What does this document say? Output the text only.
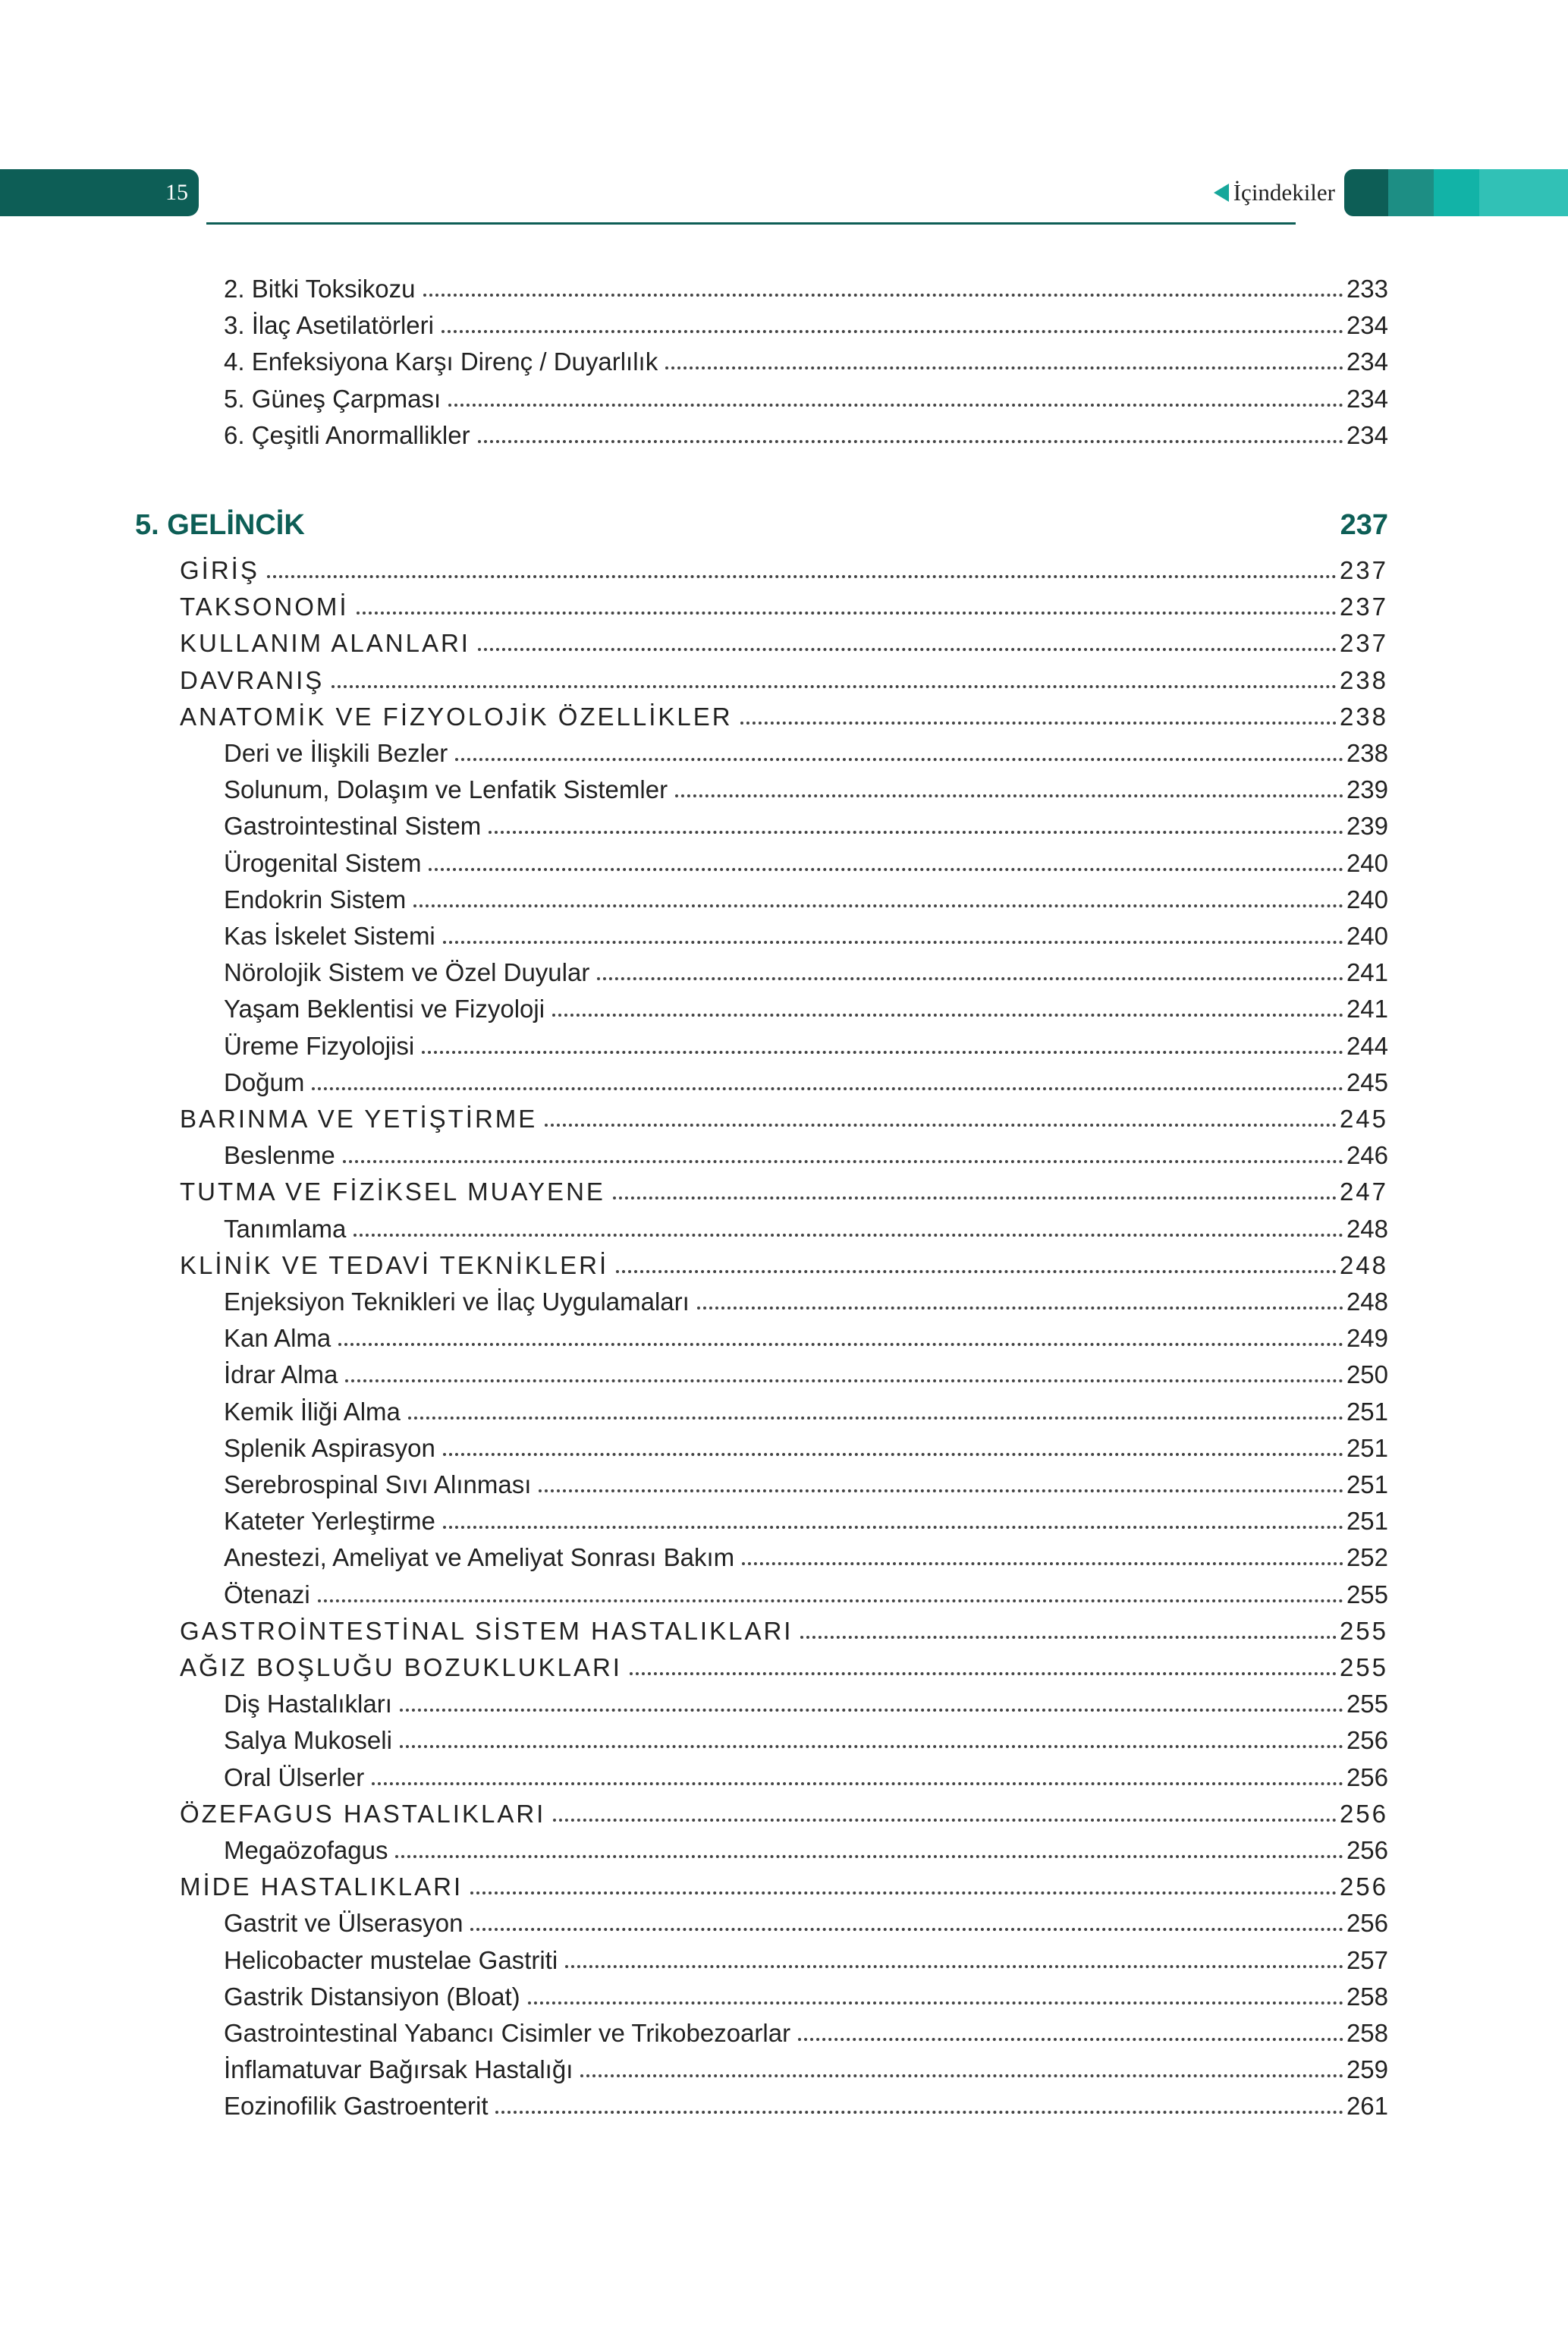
15	İçindekiler
2. Bitki Toksikozu	233
3. İlaç Asetilatörleri	234
4. Enfeksiyona Karşı Direnç / Duyarlılık	234
5. Güneş Çarpması	234
6. Çeşitli Anormallikler	234
5. GELİNCİK	237
GİRİŞ	237
TAKSONOMİ	237
KULLANIM ALANLARI	237
DAVRANIŞ	238
ANATOMİK VE FİZYOLOJİK ÖZELLİKLER	238
Deri ve İlişkili Bezler	238
Solunum, Dolaşım ve Lenfatik Sistemler	239
Gastrointestinal Sistem	239
Ürogenital Sistem	240
Endokrin Sistem	240
Kas İskelet Sistemi	240
Nörolojik Sistem ve Özel Duyular	241
Yaşam Beklentisi ve Fizyoloji	241
Üreme Fizyolojisi	244
Doğum	245
BARINMA VE YETİŞTİRME	245
Beslenme	246
TUTMA VE FİZİKSEL MUAYENE	247
Tanımlama	248
KLİNİK VE TEDAVİ TEKNİKLERİ	248
Enjeksiyon Teknikleri ve İlaç Uygulamaları	248
Kan Alma	249
İdrar Alma	250
Kemik İliği Alma	251
Splenik Aspirasyon	251
Serebrospinal Sıvı Alınması	251
Kateter Yerleştirme	251
Anestezi, Ameliyat ve Ameliyat Sonrası Bakım	252
Ötenazi	255
GASTROİNTESTİNAL SİSTEM HASTALIKLARI	255
AĞIZ BOŞLUĞU BOZUKLUKLARI	255
Diş Hastalıkları	255
Salya Mukoseli	256
Oral Ülserler	256
ÖZEFAGUS HASTALIKLARI	256
Megaözofagus	256
MİDE HASTALIKLARI	256
Gastrit ve Ülserasyon	256
Helicobacter mustelae Gastriti	257
Gastrik Distansiyon (Bloat)	258
Gastrointestinal Yabancı Cisimler ve Trikobezoarlar	258
İnflamatuvar Bağırsak Hastalığı	259
Eozinofilik Gastroenterit	261
